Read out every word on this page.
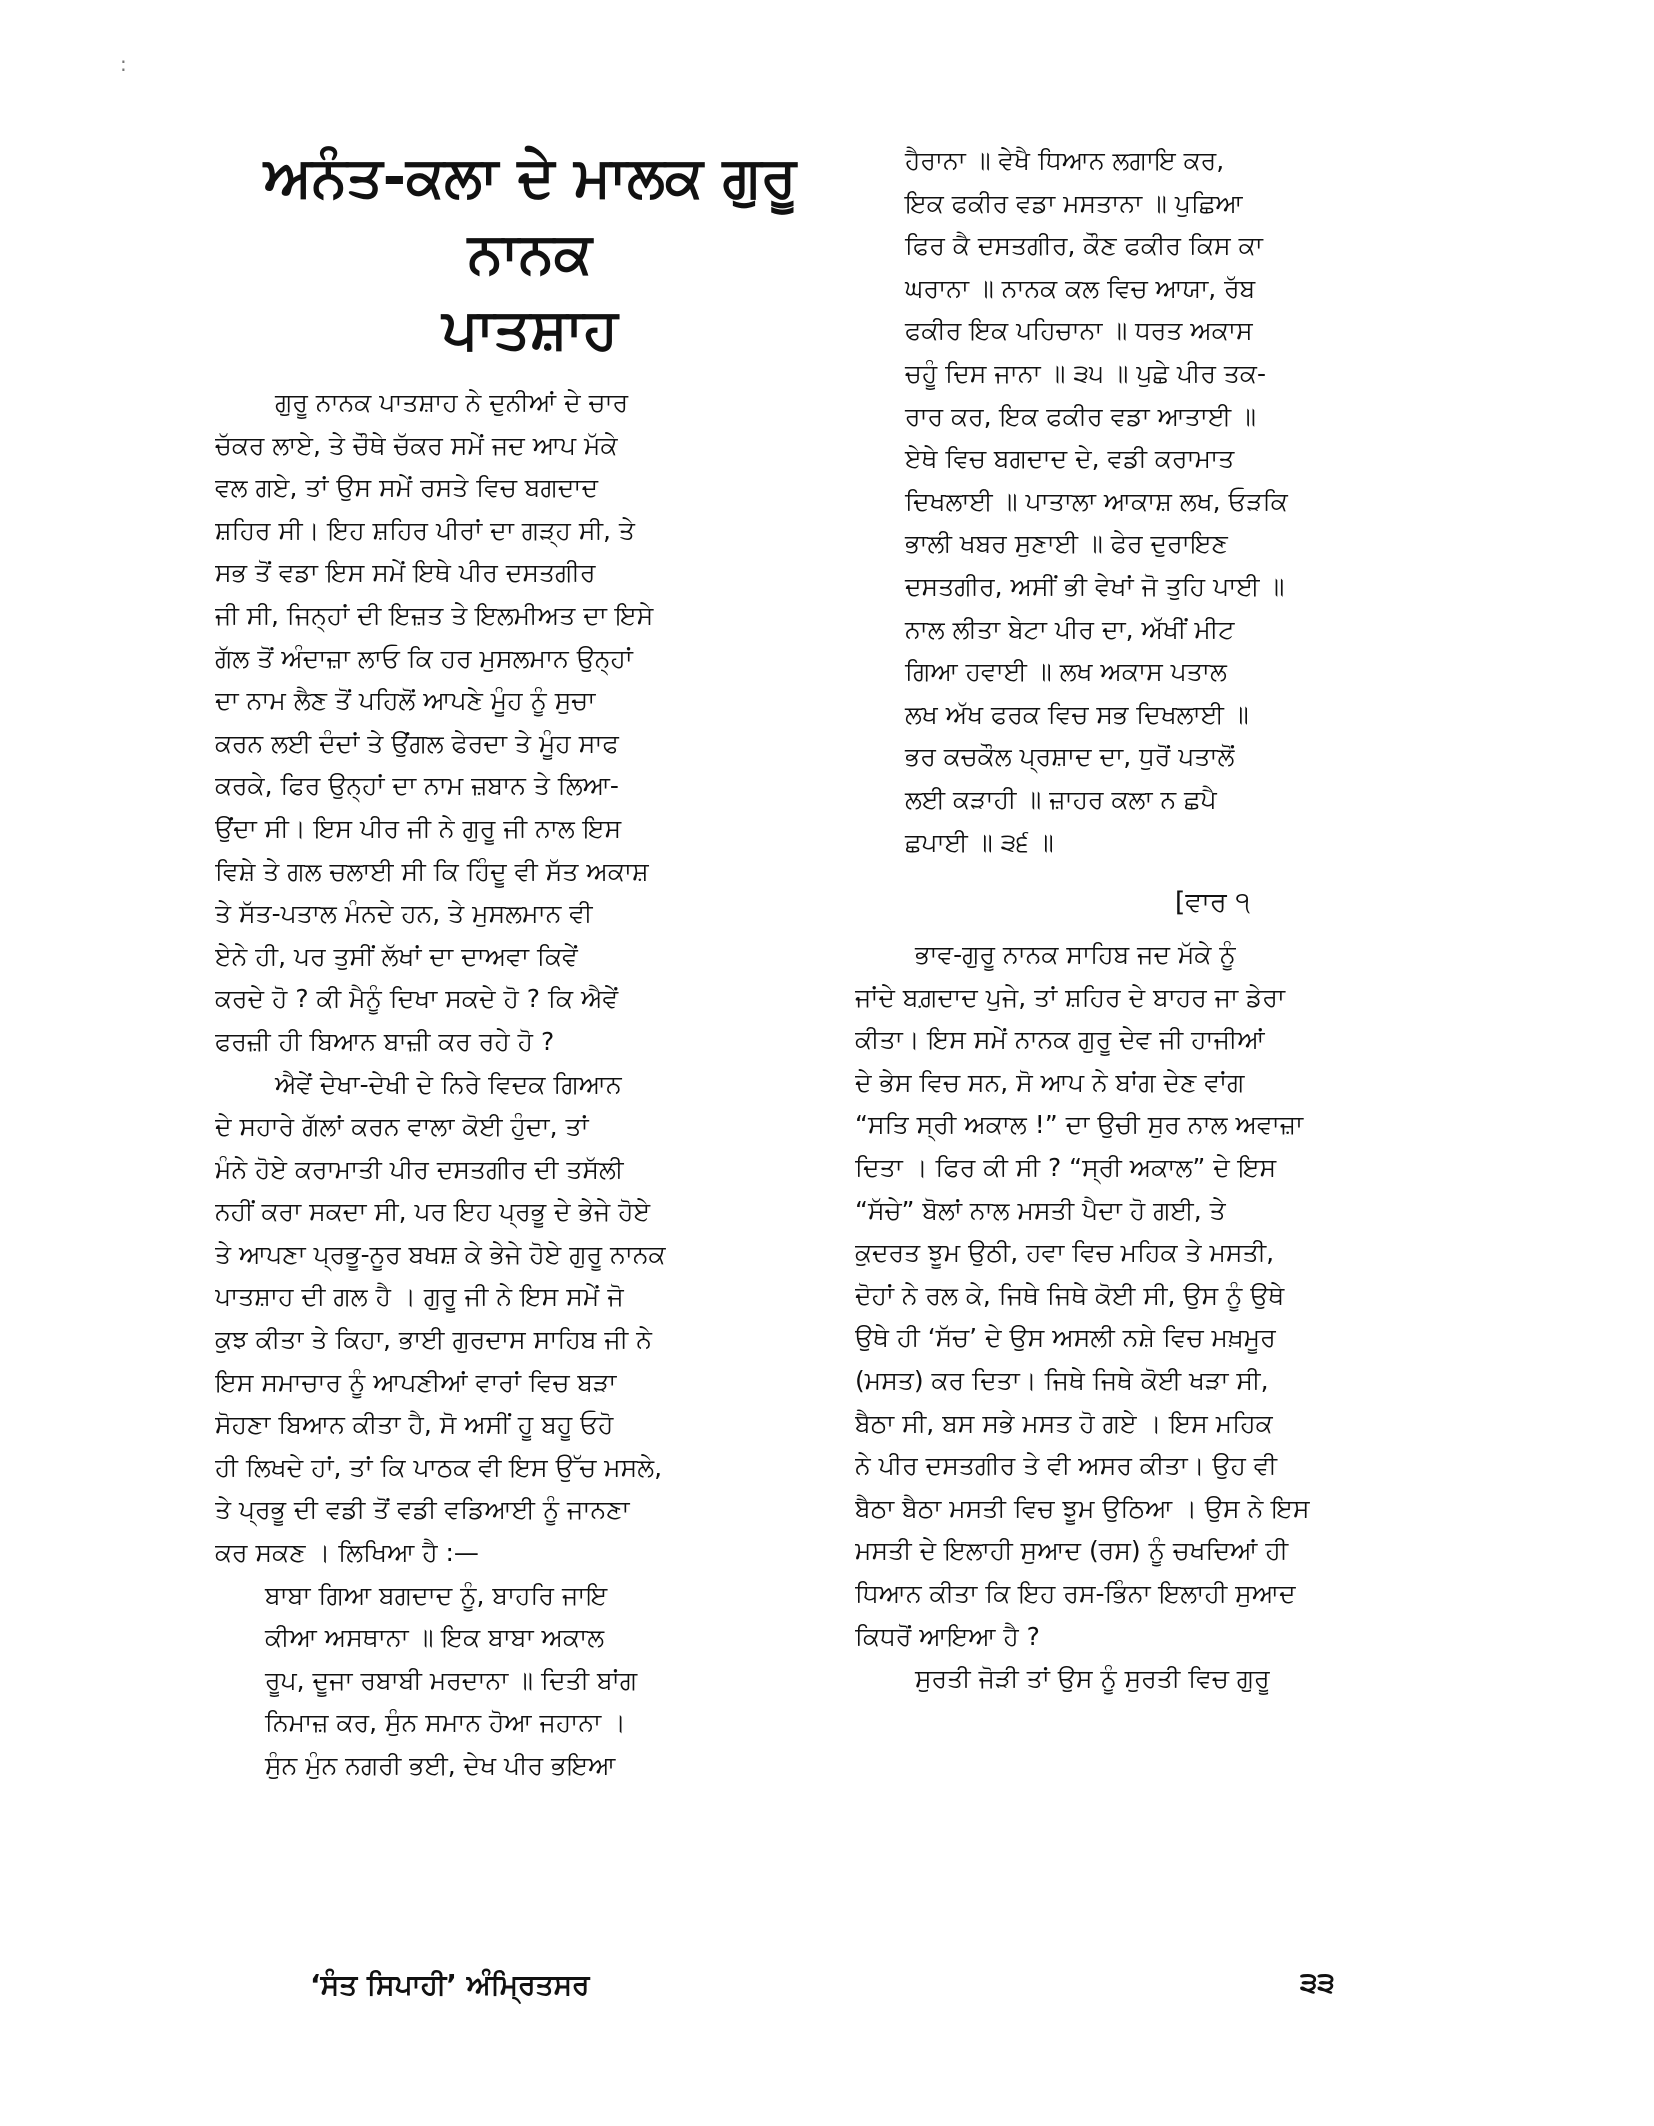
:
ਅਨੰਤ-ਕਲਾ ਦੇ ਮਾਲਕ ਗੁਰੂ ਨਾਨਕ
ਪਾਤਸ਼ਾਹ
ਗੁਰੂ ਨਾਨਕ ਪਾਤਸ਼ਾਹ ਨੇ ਦੁਨੀਆਂ ਦੇ ਚਾਰ
ਚੱਕਰ ਲਾਏ, ਤੇ ਚੌਥੇ ਚੱਕਰ ਸਮੇਂ ਜਦ ਆਪ ਮੱਕੇ
ਵਲ ਗਏ, ਤਾਂ ਉਸ ਸਮੇਂ ਰਸਤੇ ਵਿਚ ਬਗਦਾਦ
ਸ਼ਹਿਰ ਸੀ। ਇਹ ਸ਼ਹਿਰ ਪੀਰਾਂ ਦਾ ਗੜ੍ਹ ਸੀ, ਤੇ
ਸਭ ਤੋਂ ਵਡਾ ਇਸ ਸਮੇਂ ਇਥੇ ਪੀਰ ਦਸਤਗੀਰ
ਜੀ ਸੀ, ਜਿਨ੍ਹਾਂ ਦੀ ਇਜ਼ਤ ਤੇ ਇਲਮੀਅਤ ਦਾ ਇਸੇ
ਗੱਲ ਤੋਂ ਅੰਦਾਜ਼ਾ ਲਾਓ ਕਿ ਹਰ ਮੁਸਲਮਾਨ ਉਨ੍ਹਾਂ
ਦਾ ਨਾਮ ਲੈਣ ਤੋਂ ਪਹਿਲੋਂ ਆਪਣੇ ਮੂੰਹ ਨੂੰ ਸੁਚਾ
ਕਰਨ ਲਈ ਦੰਦਾਂ ਤੇ ਉਂਗਲ ਫੇਰਦਾ ਤੇ ਮੂੰਹ ਸਾਫ
ਕਰਕੇ, ਫਿਰ ਉਨ੍ਹਾਂ ਦਾ ਨਾਮ ਜ਼ਬਾਨ ਤੇ ਲਿਆ-
ਉਂਦਾ ਸੀ। ਇਸ ਪੀਰ ਜੀ ਨੇ ਗੁਰੂ ਜੀ ਨਾਲ ਇਸ
ਵਿਸ਼ੇ ਤੇ ਗਲ ਚਲਾਈ ਸੀ ਕਿ ਹਿੰਦੂ ਵੀ ਸੱਤ ਅਕਾਸ਼
ਤੇ ਸੱਤ-ਪਤਾਲ ਮੰਨਦੇ ਹਨ, ਤੇ ਮੁਸਲਮਾਨ ਵੀ
ਏਨੇ ਹੀ, ਪਰ ਤੁਸੀਂ ਲੱਖਾਂ ਦਾ ਦਾਅਵਾ ਕਿਵੇਂ
ਕਰਦੇ ਹੋ ? ਕੀ ਮੈਨੂੰ ਦਿਖਾ ਸਕਦੇ ਹੋ ? ਕਿ ਐਵੇਂ
ਫਰਜ਼ੀ ਹੀ ਬਿਆਨ ਬਾਜ਼ੀ ਕਰ ਰਹੇ ਹੋ ?
ਐਵੇਂ ਦੇਖਾ-ਦੇਖੀ ਦੇ ਨਿਰੇ ਵਿਦਕ ਗਿਆਨ
ਦੇ ਸਹਾਰੇ ਗੱਲਾਂ ਕਰਨ ਵਾਲਾ ਕੋਈ ਹੁੰਦਾ, ਤਾਂ
ਮੰਨੇ ਹੋਏ ਕਰਾਮਾਤੀ ਪੀਰ ਦਸਤਗੀਰ ਦੀ ਤਸੱਲੀ
ਨਹੀਂ ਕਰਾ ਸਕਦਾ ਸੀ, ਪਰ ਇਹ ਪ੍ਰਭੂ ਦੇ ਭੇਜੇ ਹੋਏ
ਤੇ ਆਪਣਾ ਪ੍ਰਭੂ-ਨੂਰ ਬਖਸ਼ ਕੇ ਭੇਜੇ ਹੋਏ ਗੁਰੂ ਨਾਨਕ
ਪਾਤਸ਼ਾਹ ਦੀ ਗਲ ਹੈ । ਗੁਰੂ ਜੀ ਨੇ ਇਸ ਸਮੇਂ ਜੋ
ਕੁਝ ਕੀਤਾ ਤੇ ਕਿਹਾ, ਭਾਈ ਗੁਰਦਾਸ ਸਾਹਿਬ ਜੀ ਨੇ
ਇਸ ਸਮਾਚਾਰ ਨੂੰ ਆਪਣੀਆਂ ਵਾਰਾਂ ਵਿਚ ਬੜਾ
ਸੋਹਣਾ ਬਿਆਨ ਕੀਤਾ ਹੈ, ਸੋ ਅਸੀਂ ਹੂ ਬਹੂ ਓਹੋ
ਹੀ ਲਿਖਦੇ ਹਾਂ, ਤਾਂ ਕਿ ਪਾਠਕ ਵੀ ਇਸ ਉੱਚ ਮਸਲੇ,
ਤੇ ਪ੍ਰਭੂ ਦੀ ਵਡੀ ਤੋਂ ਵਡੀ ਵਡਿਆਈ ਨੂੰ ਜਾਨਣਾ
ਕਰ ਸਕਣ । ਲਿਖਿਆ ਹੈ :—
ਬਾਬਾ ਗਿਆ ਬਗਦਾਦ ਨੂੰ, ਬਾਹਰਿ ਜਾਇ
ਕੀਆ ਅਸਥਾਨਾ ॥ ਇਕ ਬਾਬਾ ਅਕਾਲ
ਰੂਪ, ਦੂਜਾ ਰਬਾਬੀ ਮਰਦਾਨਾ ॥ ਦਿਤੀ ਬਾਂਗ
ਨਿਮਾਜ਼ ਕਰ, ਸੁੰਨ ਸਮਾਨ ਹੋਆ ਜਹਾਨਾ ।
ਸੁੰਨ ਮੁੰਨ ਨਗਰੀ ਭਈ, ਦੇਖ ਪੀਰ ਭਇਆ
ਹੈਰਾਨਾ ॥ ਵੇਖੈ ਧਿਆਨ ਲਗਾਇ ਕਰ,
ਇਕ ਫਕੀਰ ਵਡਾ ਮਸਤਾਨਾ ॥ ਪੁਛਿਆ
ਫਿਰ ਕੈ ਦਸਤਗੀਰ, ਕੌਣ ਫਕੀਰ ਕਿਸ ਕਾ
ਘਰਾਨਾ ॥ ਨਾਨਕ ਕਲ ਵਿਚ ਆਯਾ, ਰੱਬ
ਫਕੀਰ ਇਕ ਪਹਿਚਾਨਾ ॥ ਧਰਤ ਅਕਾਸ
ਚਹੂੰ ਦਿਸ ਜਾਨਾ ॥ ੩੫ ॥ ਪੁਛੇ ਪੀਰ ਤਕ-
ਰਾਰ ਕਰ, ਇਕ ਫਕੀਰ ਵਡਾ ਆਤਾਈ ॥
ਏਥੇ ਵਿਚ ਬਗਦਾਦ ਦੇ, ਵਡੀ ਕਰਾਮਾਤ
ਦਿਖਲਾਈ ॥ ਪਾਤਾਲਾ ਆਕਾਸ਼ ਲਖ, ਓੜਕਿ
ਭਾਲੀ ਖਬਰ ਸੁਣਾਈ ॥ ਫੇਰ ਦੁਰਾਇਣ
ਦਸਤਗੀਰ, ਅਸੀਂ ਭੀ ਵੇਖਾਂ ਜੋ ਤੁਹਿ ਪਾਈ ॥
ਨਾਲ ਲੀਤਾ ਬੇਟਾ ਪੀਰ ਦਾ, ਅੱਖੀਂ ਮੀਟ
ਗਿਆ ਹਵਾਈ ॥ ਲਖ ਅਕਾਸ ਪਤਾਲ
ਲਖ ਅੱਖ ਫਰਕ ਵਿਚ ਸਭ ਦਿਖਲਾਈ ॥
ਭਰ ਕਚਕੌਲ ਪ੍ਰਸ਼ਾਦ ਦਾ, ਧੁਰੋਂ ਪਤਾਲੋਂ
ਲਈ ਕੜਾਹੀ ॥ ਜ਼ਾਹਰ ਕਲਾ ਨ ਛਪੈ
ਛਪਾਈ ॥ ੩੬ ॥

[ਵਾਰ ੧

ਭਾਵ-ਗੁਰੂ ਨਾਨਕ ਸਾਹਿਬ ਜਦ ਮੱਕੇ ਨੂੰ
ਜਾਂਦੇ ਬਗ਼ਦਾਦ ਪੁਜੇ, ਤਾਂ ਸ਼ਹਿਰ ਦੇ ਬਾਹਰ ਜਾ ਡੇਰਾ
ਕੀਤਾ। ਇਸ ਸਮੇਂ ਨਾਨਕ ਗੁਰੂ ਦੇਵ ਜੀ ਹਾਜੀਆਂ
ਦੇ ਭੇਸ ਵਿਚ ਸਨ, ਸੋ ਆਪ ਨੇ ਬਾਂਗ ਦੇਣ ਵਾਂਗ
“ਸਤਿ ਸ੍ਰੀ ਅਕਾਲ !” ਦਾ ਉਚੀ ਸੁਰ ਨਾਲ ਅਵਾਜ਼ਾ
ਦਿਤਾ । ਫਿਰ ਕੀ ਸੀ ? “ਸ੍ਰੀ ਅਕਾਲ” ਦੇ ਇਸ
“ਸੱਚੇ” ਬੋਲਾਂ ਨਾਲ ਮਸਤੀ ਪੈਦਾ ਹੋ ਗਈ, ਤੇ
ਕੁਦਰਤ ਝੂਮ ਉਠੀ, ਹਵਾ ਵਿਚ ਮਹਿਕ ਤੇ ਮਸਤੀ,
ਦੋਹਾਂ ਨੇ ਰਲ ਕੇ, ਜਿਥੇ ਜਿਥੇ ਕੋਈ ਸੀ, ਉਸ ਨੂੰ ਉਥੇ
ਉਥੇ ਹੀ ‘ਸੱਚ’ ਦੇ ਉਸ ਅਸਲੀ ਨਸ਼ੇ ਵਿਚ ਮਖ਼ਮੂਰ
(ਮਸਤ) ਕਰ ਦਿਤਾ। ਜਿਥੇ ਜਿਥੇ ਕੋਈ ਖੜਾ ਸੀ,
ਬੈਠਾ ਸੀ, ਬਸ ਸਭੇ ਮਸਤ ਹੋ ਗਏ । ਇਸ ਮਹਿਕ
ਨੇ ਪੀਰ ਦਸਤਗੀਰ ਤੇ ਵੀ ਅਸਰ ਕੀਤਾ। ਉਹ ਵੀ
ਬੈਠਾ ਬੈਠਾ ਮਸਤੀ ਵਿਚ ਝੂਮ ਉਠਿਆ । ਉਸ ਨੇ ਇਸ
ਮਸਤੀ ਦੇ ਇਲਾਹੀ ਸੁਆਦ (ਰਸ) ਨੂੰ ਚਖਦਿਆਂ ਹੀ
ਧਿਆਨ ਕੀਤਾ ਕਿ ਇਹ ਰਸ-ਭਿੰਨਾ ਇਲਾਹੀ ਸੁਆਦ
ਕਿਧਰੋਂ ਆਇਆ ਹੈ ?
ਸੁਰਤੀ ਜੋੜੀ ਤਾਂ ਉਸ ਨੂੰ ਸੁਰਤੀ ਵਿਚ ਗੁਰੂ
‘ਸੰਤ ਸਿਪਾਹੀ’ ਅੰਮ੍ਰਿਤਸਰ	੩੩
